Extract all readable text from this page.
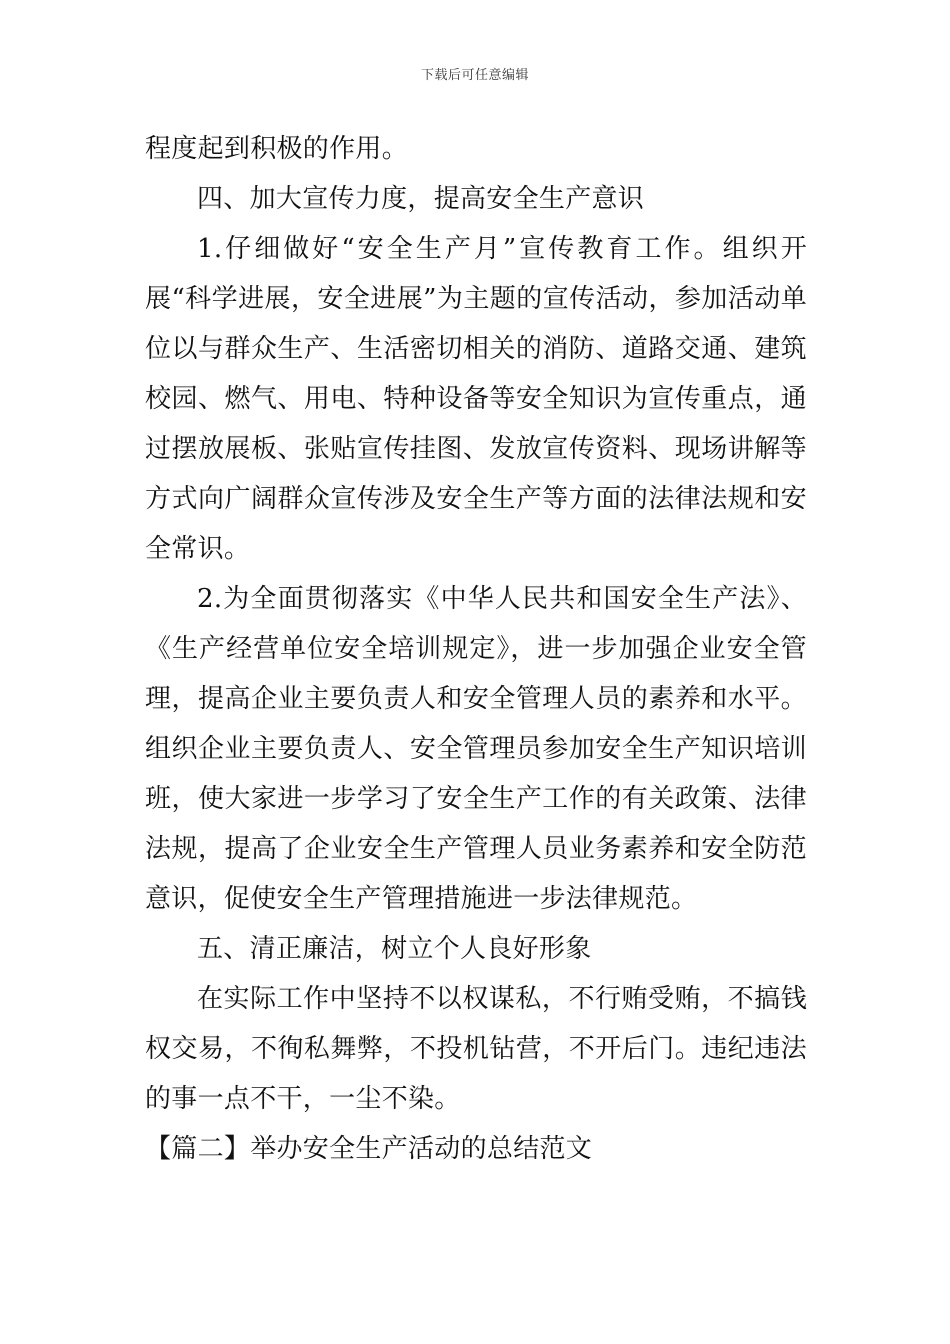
下载后可任意编辑

程度起到积极的作用。

四、加大宣传力度，提高安全生产意识

1.仔细做好“安全生产月”宣传教育工作。组织开展“科学进展，安全进展”为主题的宣传活动，参加活动单位以与群众生产、生活密切相关的消防、道路交通、建筑校园、燃气、用电、特种设备等安全知识为宣传重点，通过摆放展板、张贴宣传挂图、发放宣传资料、现场讲解等方式向广阔群众宣传涉及安全生产等方面的法律法规和安全常识。

2.为全面贯彻落实《中华人民共和国安全生产法》、《生产经营单位安全培训规定》，进一步加强企业安全管理，提高企业主要负责人和安全管理人员的素养和水平。组织企业主要负责人、安全管理员参加安全生产知识培训班，使大家进一步学习了安全生产工作的有关政策、法律法规，提高了企业安全生产管理人员业务素养和安全防范意识，促使安全生产管理措施进一步法律规范。

五、清正廉洁，树立个人良好形象

在实际工作中坚持不以权谋私，不行贿受贿，不搞钱权交易，不徇私舞弊，不投机钻营，不开后门。违纪违法的事一点不干，一尘不染。

【篇二】举办安全生产活动的总结范文
